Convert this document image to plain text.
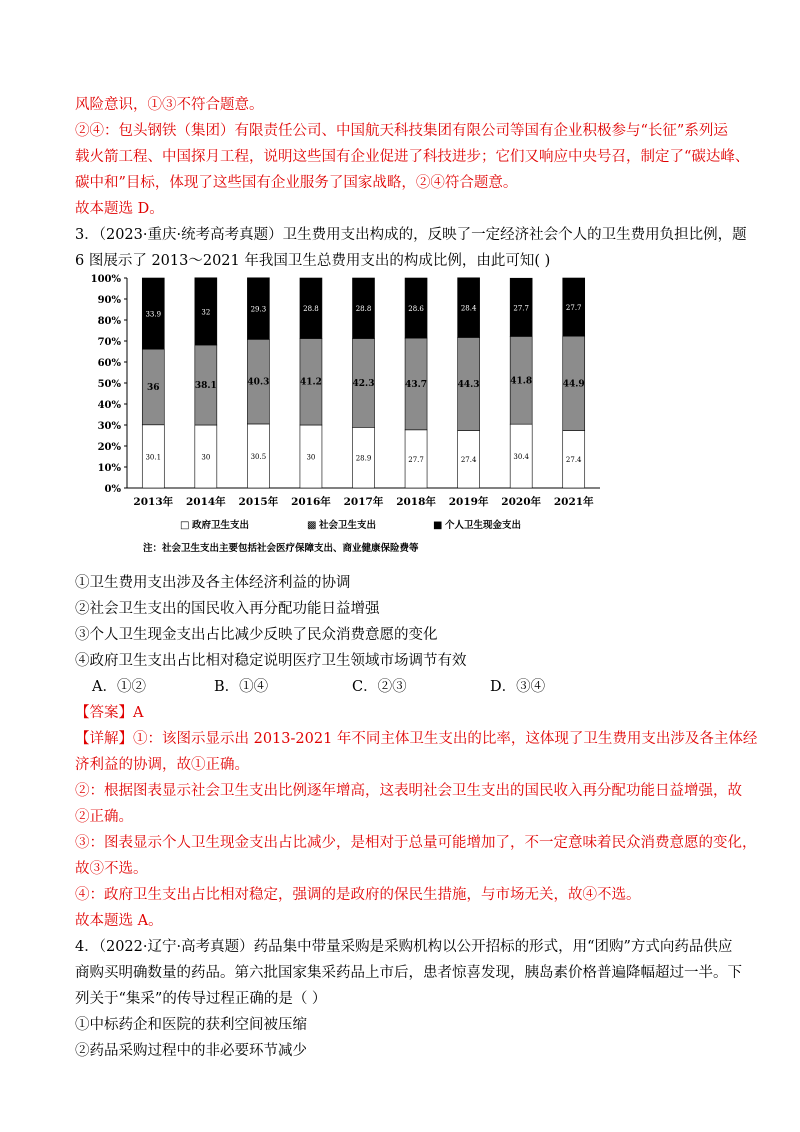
风险意识，①③不符合题意。
②④：包头钢铁（集团）有限责任公司、中国航天科技集团有限公司等国有企业积极参与“长征”系列运
载火箭工程、中国探月工程，说明这些国有企业促进了科技进步；它们又响应中央号召，制定了“碳达峰、
碳中和”目标，体现了这些国有企业服务了国家战略，②④符合题意。
故本题选 D。
3．（2023·重庆·统考高考真题）卫生费用支出构成的，反映了一定经济社会个人的卫生费用负担比例，题
6 图展示了 2013～2021 年我国卫生总费用支出的构成比例，由此可知( )
0%
10%
20%
30%
40%
50%
60%
70%
80%
90%
100%
30.1
36
33.9
2013年
30
38.1
32
2014年
30.5
40.3
29.3
2015年
30
41.2
28.8
2016年
28.9
42.3
28.8
2017年
27.7
43.7
28.6
2018年
27.4
44.3
28.4
2019年
30.4
41.8
27.7
2020年
27.4
44.9
27.7
2021年
□ 政府卫生支出	▩ 社会卫生支出	■ 个人卫生现金支出
注：社会卫生支出主要包括社会医疗保障支出、商业健康保险费等
①卫生费用支出涉及各主体经济利益的协调
②社会卫生支出的国民收入再分配功能日益增强
③个人卫生现金支出占比减少反映了民众消费意愿的变化
④政府卫生支出占比相对稳定说明医疗卫生领域市场调节有效
A．①②	B．①④	C．②③	D．③④
【答案】A
【详解】①：该图示显示出 2013-2021 年不同主体卫生支出的比率，这体现了卫生费用支出涉及各主体经
济利益的协调，故①正确。
②：根据图表显示社会卫生支出比例逐年增高，这表明社会卫生支出的国民收入再分配功能日益增强，故
②正确。
③：图表显示个人卫生现金支出占比减少，是相对于总量可能增加了，不一定意味着民众消费意愿的变化，
故③不选。
④：政府卫生支出占比相对稳定，强调的是政府的保民生措施，与市场无关，故④不选。
故本题选 A。
4．（2022·辽宁·高考真题）药品集中带量采购是采购机构以公开招标的形式，用“团购”方式向药品供应
商购买明确数量的药品。第六批国家集采药品上市后，患者惊喜发现，胰岛素价格普遍降幅超过一半。下
列关于“集采”的传导过程正确的是（ ）
①中标药企和医院的获利空间被压缩
②药品采购过程中的非必要环节减少
